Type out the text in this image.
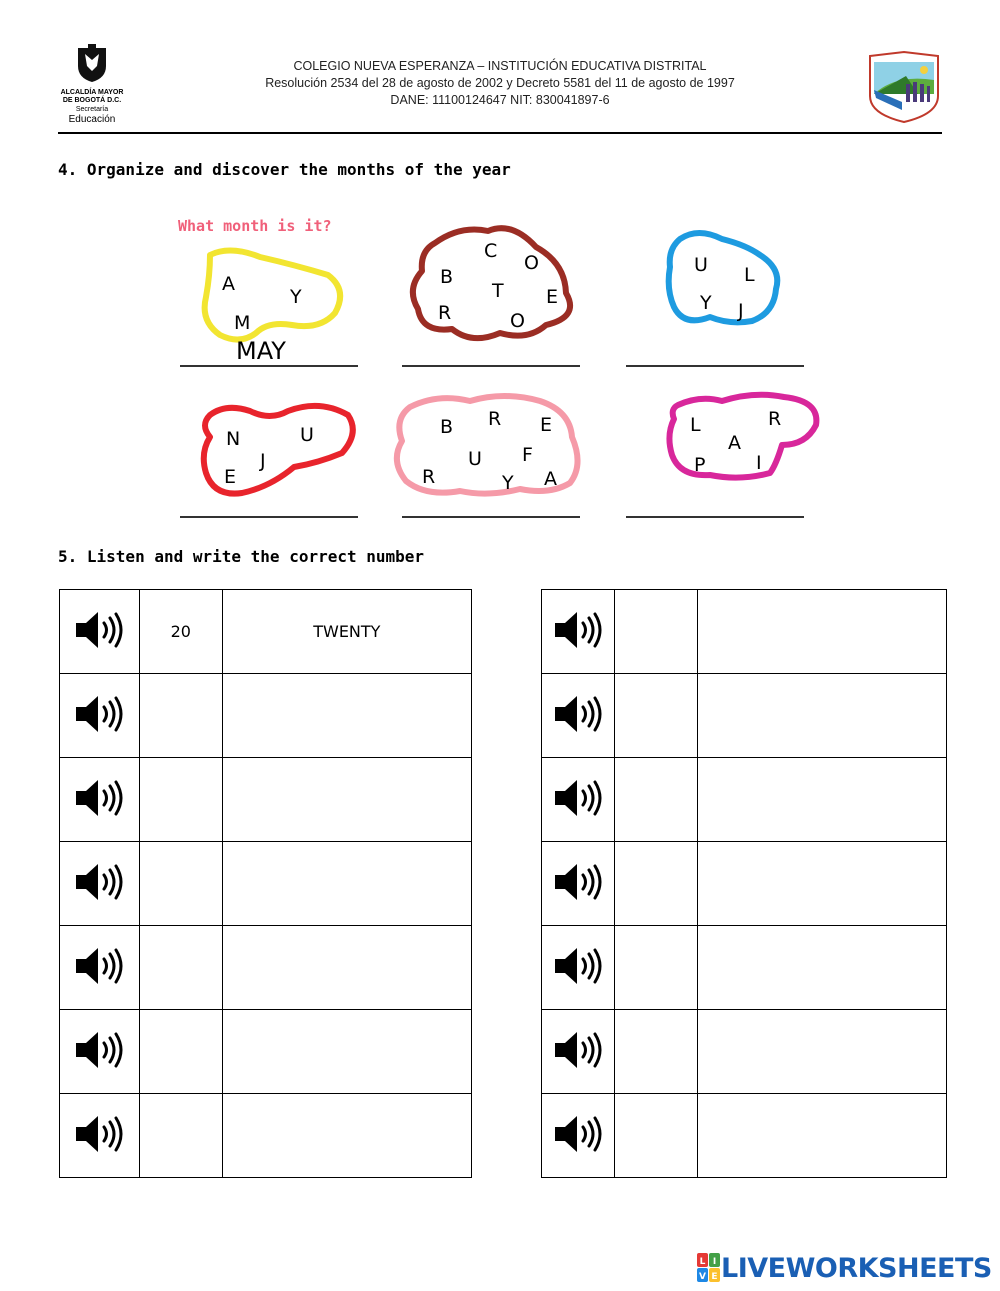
ALCALDÍA MAYOR
DE BOGOTÁ D.C.
Secretaría
Educación
COLEGIO NUEVA ESPERANZA – INSTITUCIÓN EDUCATIVA DISTRITAL
Resolución 2534 del 28 de agosto de 2002 y Decreto 5581 del 11 de agosto de 1997
DANE: 11100124647 NIT: 830041897-6
4. Organize and discover the months of the year
What month is it?
A
Y
M
MAY
C
O
B
T E
R	O
U L
Y J
N	U
J
E
B R E
R
U F
Y A
L	R
A
P	I
5. Listen and write the correct number
	20	TWENTY

L I
V E LIVEWORKSHEETS
